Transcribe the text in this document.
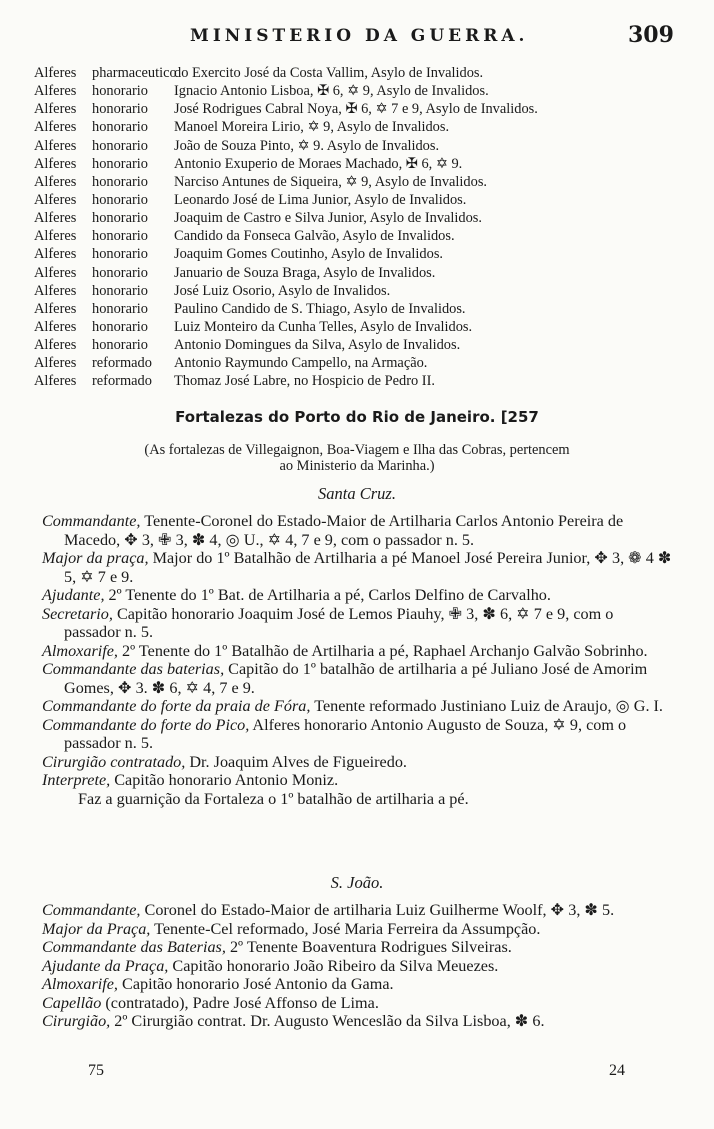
MINISTERIO DA GUERRA.	309
Alferes pharmaceuticodo Exercito José da Costa Vallim, Asylo de Invalidos.
Alferes honorario Ignacio Antonio Lisboa, ✠ 6, ✡ 9, Asylo de Invalidos.
Alferes honorario José Rodrigues Cabral Noya, ✠ 6, ✡ 7 e 9, Asylo de Invalidos.
Alferes honorario Manoel Moreira Lirio, ✡ 9, Asylo de Invalidos.
Alferes honorario João de Souza Pinto, ✡ 9. Asylo de Invalidos.
Alferes honorario Antonio Exuperio de Moraes Machado, ✠ 6, ✡ 9.
Alferes honorario Narciso Antunes de Siqueira, ✡ 9, Asylo de Invalidos.
Alferes honorario Leonardo José de Lima Junior, Asylo de Invalidos.
Alferes honorario Joaquim de Castro e Silva Junior, Asylo de Invalidos.
Alferes honorario Candido da Fonseca Galvão, Asylo de Invalidos.
Alferes honorario Joaquim Gomes Coutinho, Asylo de Invalidos.
Alferes honorario Januario de Souza Braga, Asylo de Invalidos.
Alferes honorario José Luiz Osorio, Asylo de Invalidos.
Alferes honorario Paulino Candido de S. Thiago, Asylo de Invalidos.
Alferes honorario Luiz Monteiro da Cunha Telles, Asylo de Invalidos.
Alferes honorario Antonio Domingues da Silva, Asylo de Invalidos.
Alferes reformado Antonio Raymundo Campello, na Armação.
Alferes reformado Thomaz José Labre, no Hospicio de Pedro II.
Fortalezas do Porto do Rio de Janeiro. [257
(As fortalezas de Villegaignon, Boa-Viagem e Ilha das Cobras, pertencem
ao Ministerio da Marinha.)
Santa Cruz.

Commandante, Tenente-Coronel do Estado-Maior de Artilharia Carlos Antonio Pereira de Macedo, ✥ 3, ✙ 3, ✽ 4, ◎ U., ✡ 4, 7 e 9, com o passador n. 5.

Major da praça, Major do 1º Batalhão de Artilharia a pé Manoel José Pereira Junior, ✥ 3, ❁ 4 ✽ 5, ✡ 7 e 9.

Ajudante, 2º Tenente do 1º Bat. de Artilharia a pé, Carlos Delfino de Carvalho.

Secretario, Capitão honorario Joaquim José de Lemos Piauhy, ✙ 3, ✽ 6, ✡ 7 e 9, com o passador n. 5.

Almoxarife, 2º Tenente do 1º Batalhão de Artilharia a pé, Raphael Archanjo Galvão Sobrinho.

Commandante das baterias, Capitão do 1º batalhão de artilharia a pé Juliano José de Amorim Gomes, ✥ 3. ✽ 6, ✡ 4, 7 e 9.

Commandante do forte da praia de Fóra, Tenente reformado Justiniano Luiz de Araujo, ◎ G. I.

Commandante do forte do Pico, Alferes honorario Antonio Augusto de Souza, ✡ 9, com o passador n. 5.

Cirurgião contratado, Dr. Joaquim Alves de Figueiredo.

Interprete, Capitão honorario Antonio Moniz.

Faz a guarnição da Fortaleza o 1º batalhão de artilharia a pé.

S. João.

Commandante, Coronel do Estado-Maior de artilharia Luiz Guilherme Woolf, ✥ 3, ✽ 5.

Major da Praça, Tenente-Cel reformado, José Maria Ferreira da Assumpção.

Commandante das Baterias, 2º Tenente Boaventura Rodrigues Silveiras.

Ajudante da Praça, Capitão honorario João Ribeiro da Silva Meuezes.

Almoxarife, Capitão honorario José Antonio da Gama.

Capellão (contratado), Padre José Affonso de Lima.

Cirurgião, 2º Cirurgião contrat. Dr. Augusto Wenceslão da Silva Lisboa, ✽ 6.

75	24
